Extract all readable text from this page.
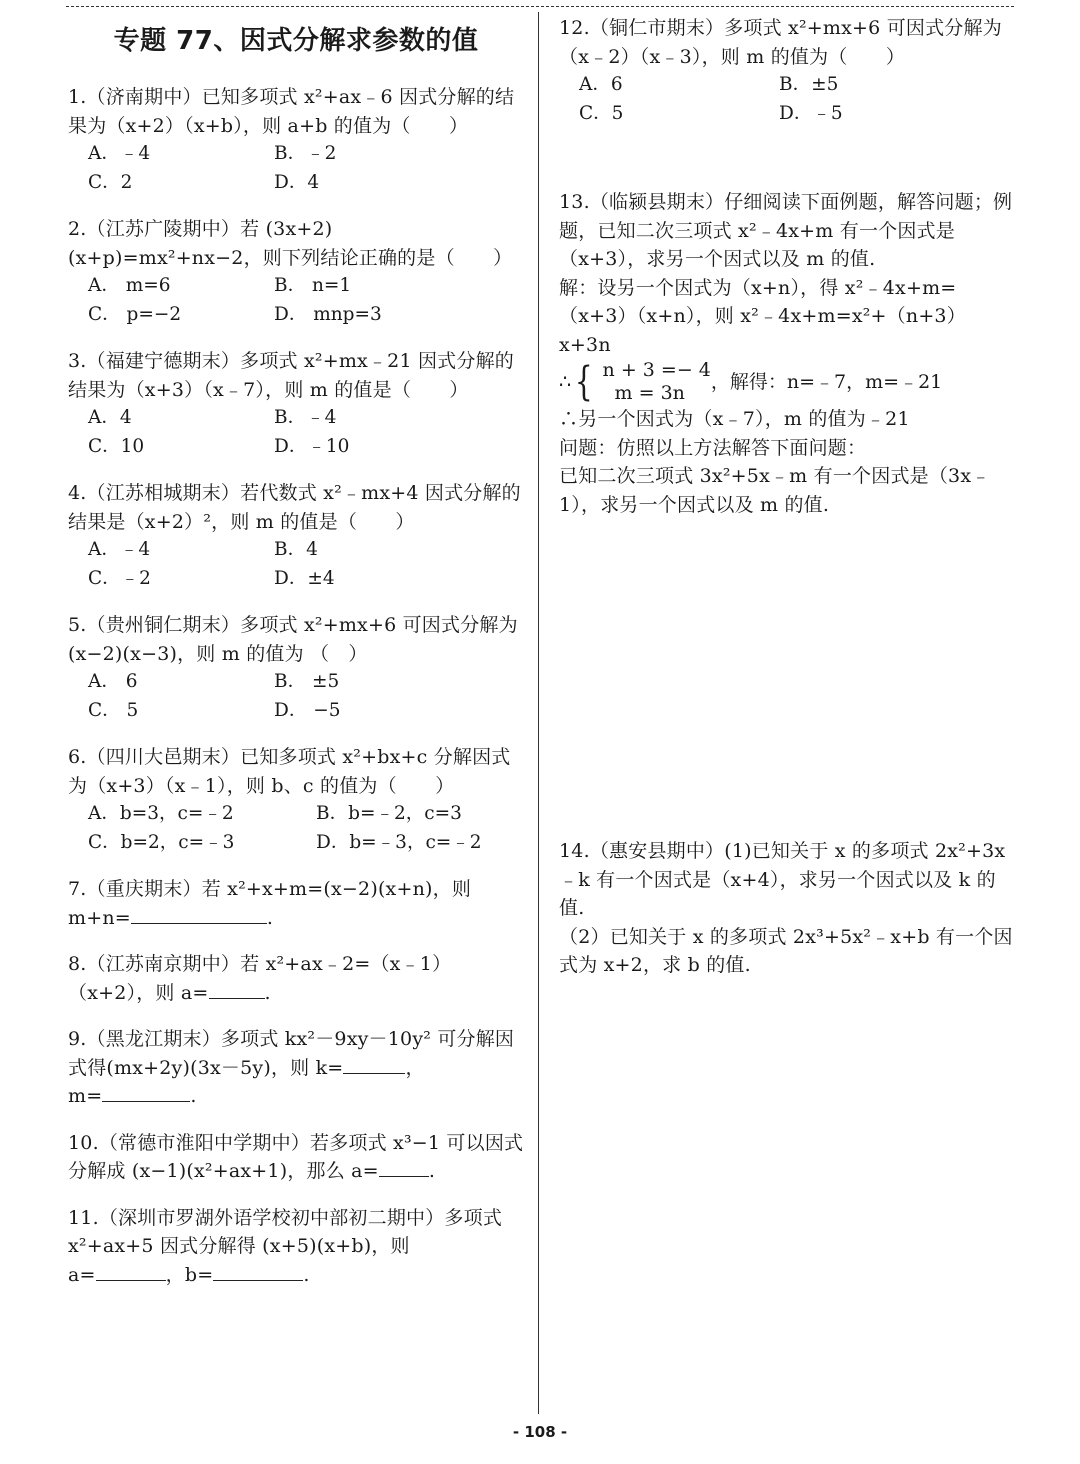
专题 77、因式分解求参数的值
1.（济南期中）已知多项式 x²+ax﹣6 因式分解的结果为（x+2）（x+b），则 a+b 的值为（　　）
A．﹣4	B．﹣2
C．2	D．4
2.（江苏广陵期中）若 (3x+2)(x+p)=mx²+nx−2，则下列结论正确的是（　　）
A． m=6	B． n=1
C． p=−2	D． mnp=3
3.（福建宁德期末）多项式 x²+mx﹣21 因式分解的结果为（x+3）（x﹣7），则 m 的值是（　　）
A．4	B．﹣4
C．10	D．﹣10
4.（江苏相城期末）若代数式 x²﹣mx+4 因式分解的结果是（x+2）²，则 m 的值是（　　）
A．﹣4	B．4
C．﹣2	D．±4
5.（贵州铜仁期末）多项式 x²+mx+6 可因式分解为 (x−2)(x−3)，则 m 的值为 （　）
A． 6	B． ±5
C． 5	D． −5
6.（四川大邑期末）已知多项式 x²+bx+c 分解因式为（x+3）（x﹣1），则 b、c 的值为（　　）
A．b=3，c=﹣2	B．b=﹣2，c=3
C．b=2，c=﹣3	D．b=﹣3，c=﹣2
7.（重庆期末）若 x²+x+m=(x−2)(x+n)，则
m+n=	.
8.（江苏南京期中）若 x²+ax﹣2=（x﹣1）（x+2），则 a=	.
9.（黑龙江期末）多项式 kx²－9xy－10y² 可分解因式得(mx+2y)(3x－5y)，则 k=	，
m=	.
10.（常德市淮阳中学期中）若多项式 x³−1 可以因式分解成 (x−1)(x²+ax+1)，那么 a=	.
11.（深圳市罗湖外语学校初中部初二期中）多项式 x²+ax+5 因式分解得 (x+5)(x+b)，则
a=	，b=	.
12.（铜仁市期末）多项式 x²+mx+6 可因式分解为（x﹣2）（x﹣3），则 m 的值为（　　）
A．6	B．±5
C．5	D．﹣5
13.（临颍县期末）仔细阅读下面例题，解答问题；例题，已知二次三项式 x²﹣4x+m 有一个因式是（x+3），求另一个因式以及 m 的值.
解：设另一个因式为（x+n），得 x²﹣4x+m=（x+3）（x+n），则 x²﹣4x+m=x²+（n+3）x+3n
∴ { n + 3 =− 4
m = 3n
，解得：n=﹣7，m=﹣21
∴另一个因式为（x﹣7），m 的值为﹣21
问题：仿照以上方法解答下面问题：
已知二次三项式 3x²+5x﹣m 有一个因式是（3x﹣1），求另一个因式以及 m 的值.
14.（惠安县期中）(1)已知关于 x 的多项式 2x²+3x﹣k 有一个因式是（x+4），求另一个因式以及 k 的值.
（2）已知关于 x 的多项式 2x³+5x²﹣x+b 有一个因式为 x+2，求 b 的值.
- 108 -
